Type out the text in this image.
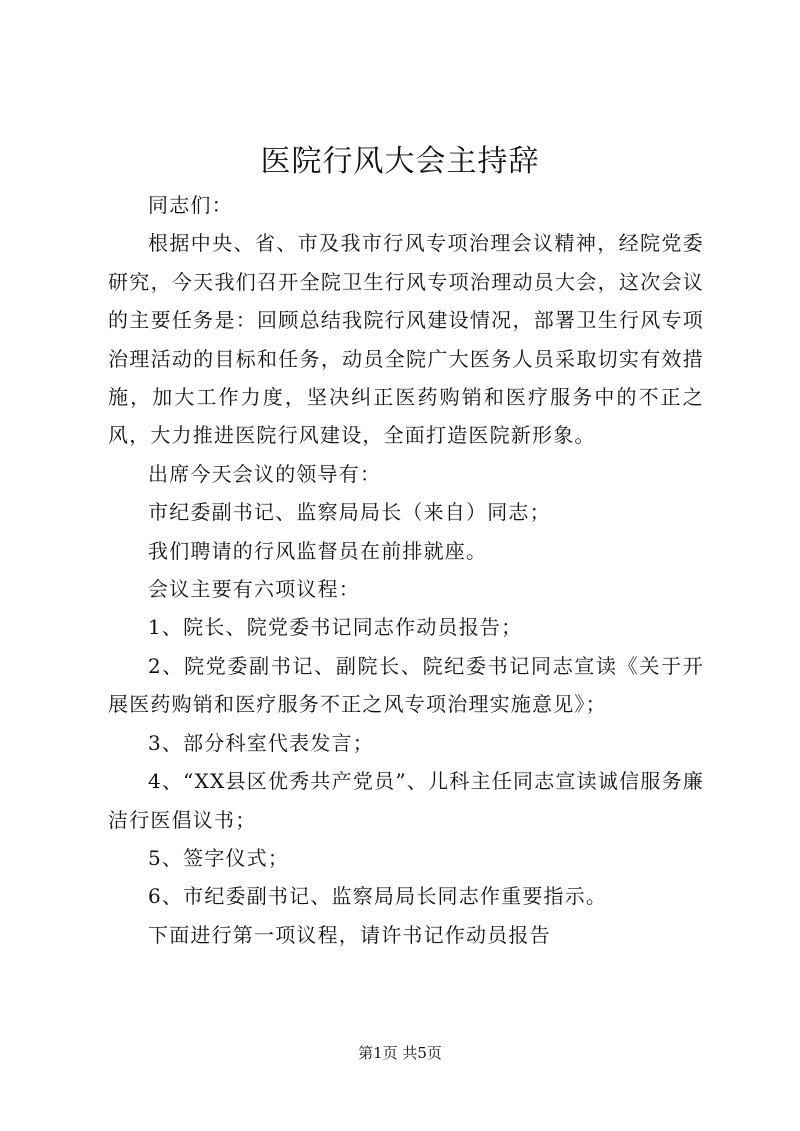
医院行风大会主持辞

同志们：

根据中央、省、市及我市行风专项治理会议精神，经院党委研究，今天我们召开全院卫生行风专项治理动员大会，这次会议的主要任务是：回顾总结我院行风建设情况，部署卫生行风专项治理活动的目标和任务，动员全院广大医务人员采取切实有效措施，加大工作力度，坚决纠正医药购销和医疗服务中的不正之风，大力推进医院行风建设，全面打造医院新形象。

出席今天会议的领导有：

市纪委副书记、监察局局长（来自）同志；

我们聘请的行风监督员在前排就座。

会议主要有六项议程：

1、院长、院党委书记同志作动员报告；

2、院党委副书记、副院长、院纪委书记同志宣读《关于开展医药购销和医疗服务不正之风专项治理实施意见》；

3、部分科室代表发言；

4、“XX县区优秀共产党员”、儿科主任同志宣读诚信服务廉洁行医倡议书；

5、签字仪式；

6、市纪委副书记、监察局局长同志作重要指示。

下面进行第一项议程，请许书记作动员报告

第1页 共5页
